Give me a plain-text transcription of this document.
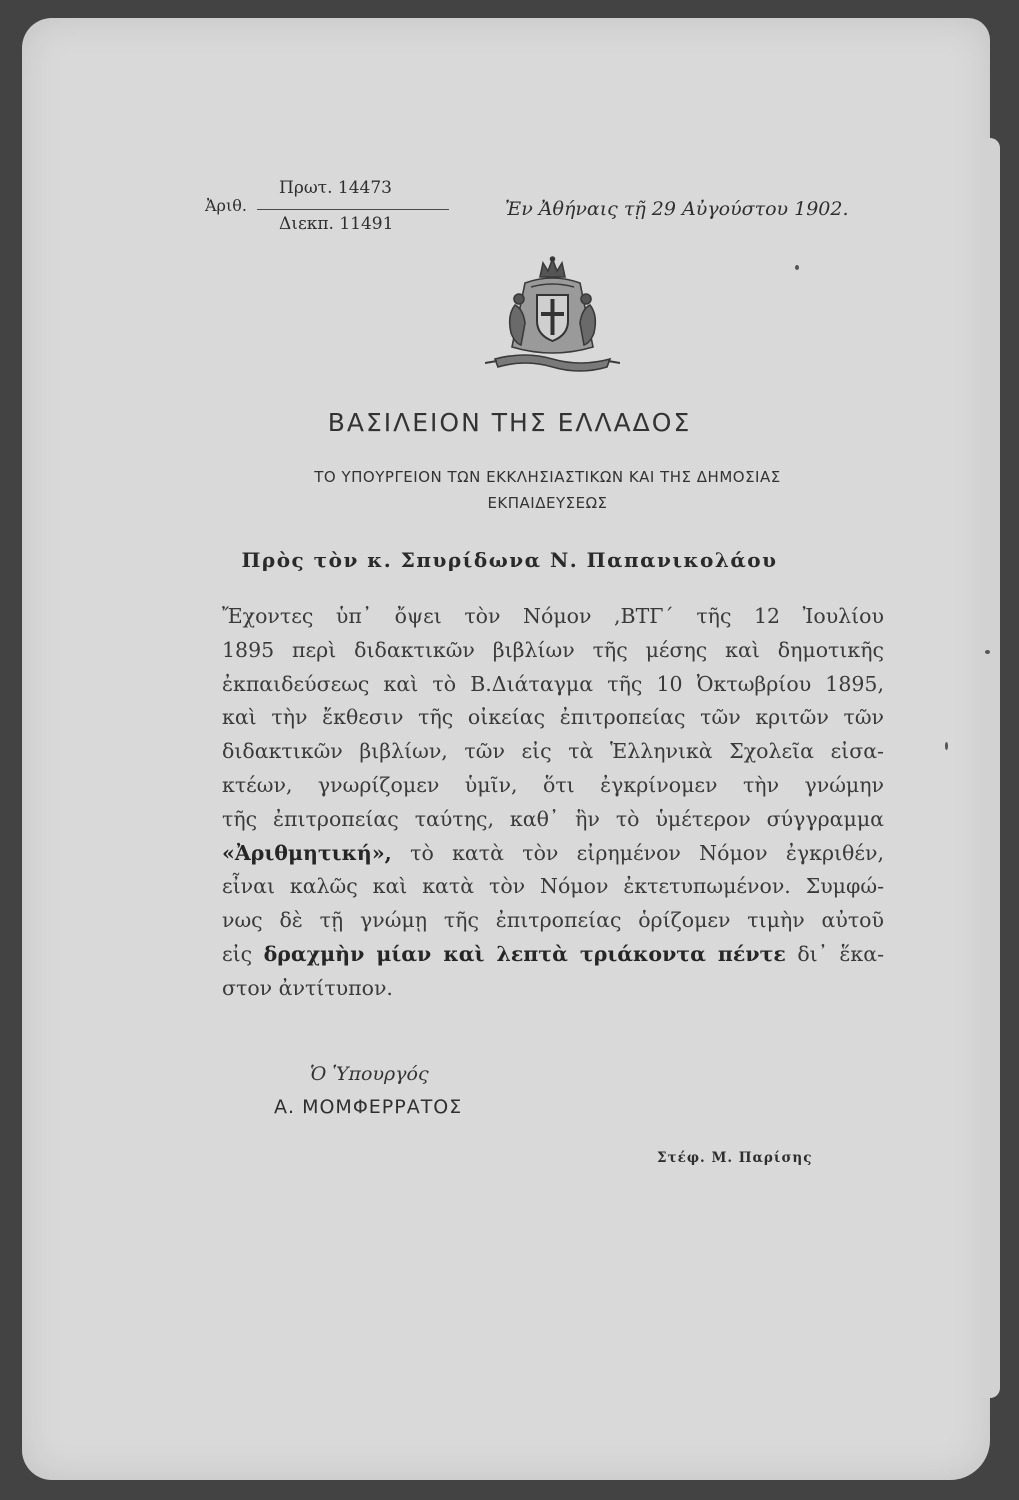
Ἀριθ.
Πρωτ. 14473
Διεκπ. 11491
Ἐν Ἀθήναις τῇ 29 Αὐγούστου 1902.
ΒΑΣΙΛΕΙΟΝ ΤΗΣ ΕΛΛΑΔΟΣ
ΤΟ ΥΠΟΥΡΓΕΙΟΝ ΤΩΝ ΕΚΚΛΗΣΙΑΣΤΙΚΩΝ ΚΑΙ ΤΗΣ ΔΗΜΟΣΙΑΣ
ΕΚΠΑΙΔΕΥΣΕΩΣ
Πρὸς τὸν κ. Σπυρίδωνα Ν. Παπανικολάου
Ἔχοντες ὑπ᾽ ὄψει τὸν Νόμον ,ΒΤΓ΄ τῆς 12 Ἰουλίου
1895 περὶ διδακτικῶν βιβλίων τῆς μέσης καὶ δημοτικῆς
ἐκπαιδεύσεως καὶ τὸ Β.Διάταγμα τῆς 10 Ὀκτωβρίου 1895,
καὶ τὴν ἔκθεσιν τῆς οἰκείας ἐπιτροπείας τῶν κριτῶν τῶν
διδακτικῶν βιβλίων, τῶν εἰς τὰ Ἑλληνικὰ Σχολεῖα εἰσα-
κτέων, γνωρίζομεν ὑμῖν, ὅτι ἐγκρίνομεν τὴν γνώμην
τῆς ἐπιτροπείας ταύτης, καθ᾽ ἣν τὸ ὑμέτερον σύγγραμμα
«Ἀριθμητική», τὸ κατὰ τὸν εἰρημένον Νόμον ἐγκριθέν,
εἶναι καλῶς καὶ κατὰ τὸν Νόμον ἐκτετυπωμένον. Συμφώ-
νως δὲ τῇ γνώμῃ τῆς ἐπιτροπείας ὁρίζομεν τιμὴν αὐτοῦ
εἰς δραχμὴν μίαν καὶ λεπτὰ τριάκοντα πέντε δι᾽ ἕκα-
στον ἀντίτυπον.
Ὁ Ὑπουργός
Α. ΜΟΜΦΕΡΡΑΤΟΣ
Στέφ. Μ. Παρίσης
